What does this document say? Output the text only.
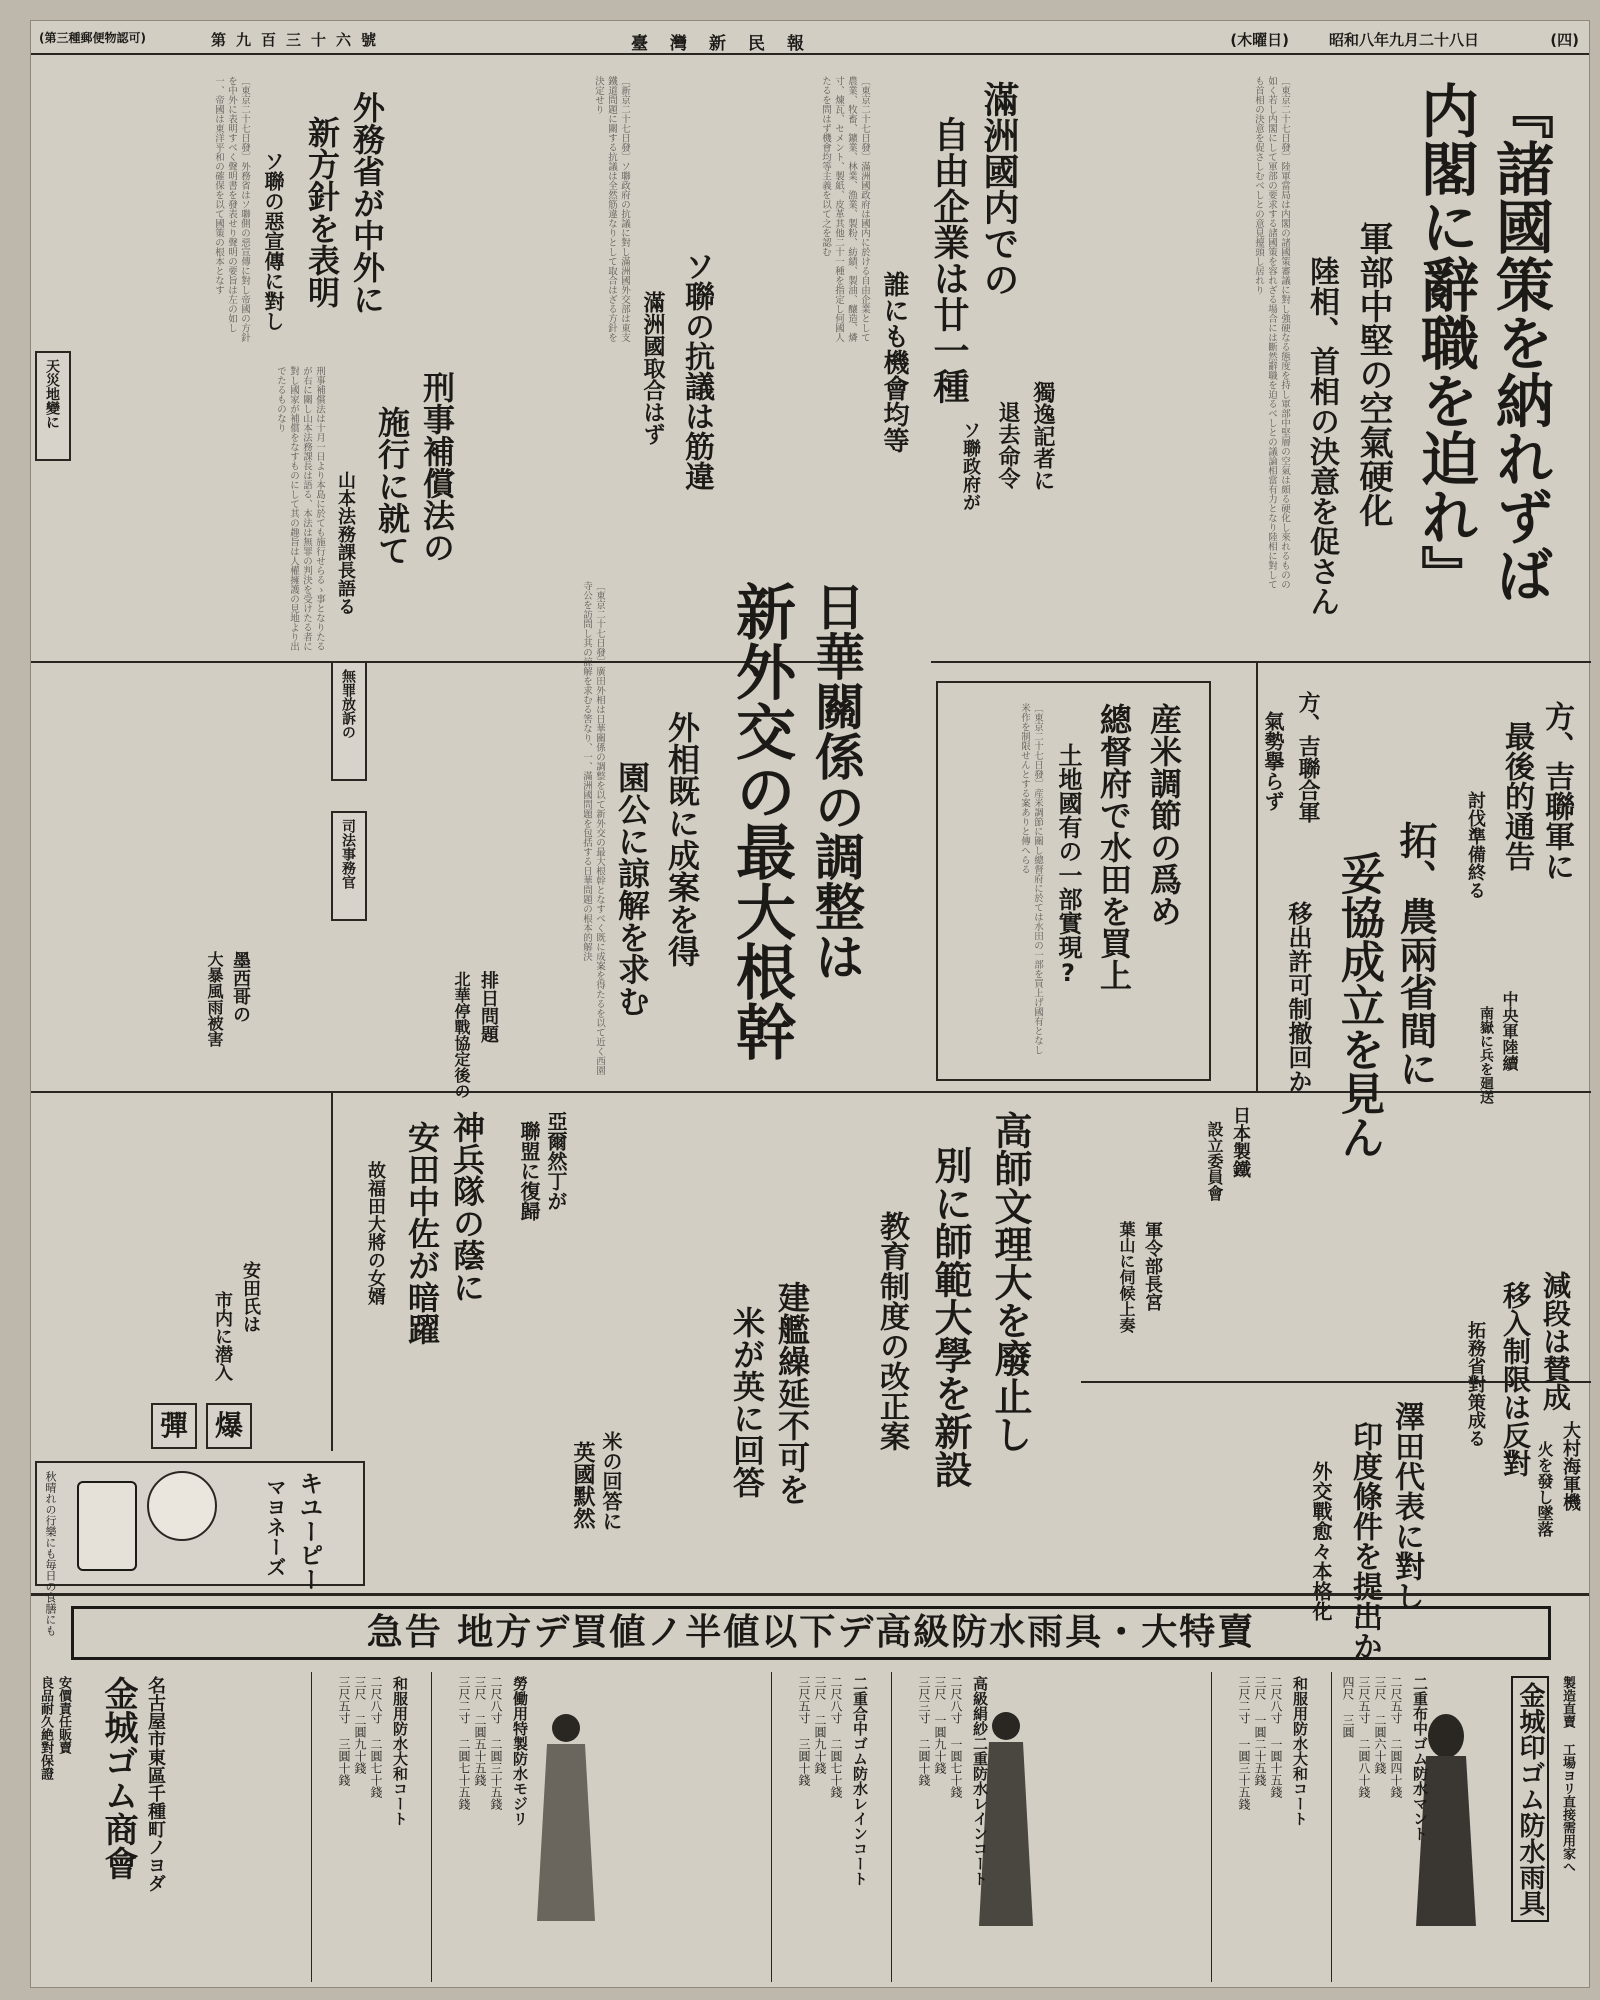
(四)
昭和八年九月二十八日
(木曜日)
臺灣新民報
第九百三十六號
(第三種郵便物認可)
『諸國策を納れずば
内閣に辭職を迫れ』
軍部中堅の空氣硬化
陸相、首相の決意を促さん
〔東京二十七日發〕陸軍當局は内閣の諸國策審議に對し強硬なる態度を持し軍部中堅層の空氣は頗る硬化し來れるものの如く若し内閣にして軍部の要求する諸國策を容れざる場合には斷然辭職を迫るべしとの議論相當有力となり陸相に對しても首相の決意を促さしむべしとの意見擡頭し居れり
滿洲國内での
自由企業は廿一種
誰にも機會均等
〔東京二十七日發〕滿洲國政府は國内に於ける自由企業として農業、牧畜、鑛業、林業、漁業、製粉、紡績、製油、釀造、燐寸、煉瓦、セメント、製紙、皮革其他二十一種を指定し何國人たるを問はず機會均等主義を以て之を認む
ソ聯の抗議は筋違
滿洲國取合はず
〔新京二十七日發〕ソ聯政府の抗議に對し滿洲國外交部は東支鐵道問題に關する抗議は全然筋違なりとして取合はざる方針を決定せり
外務省が中外に
新方針を表明
ソ聯の惡宣傳に對し
〔東京二十七日發〕外務省はソ聯側の惡宣傳に對し帝國の方針を中外に表明すべく聲明書を發表せり聲明の要旨は左の如し一、帝國は東洋平和の確保を以て國策の根本となす
天災地變に	刑事補償法の
施行に就て
山本法務課長語る
刑事補償法は十月一日より本島に於ても施行せらるゝ事となりたるが右に關し山本法務課長は語る、本法は無罪の判決を受けたる者に對し國家が補償をなすものにして其の趣旨は人權擁護の見地より出でたるものなり
無罪放訴の
司法事務官
獨逸記者に
退去命令
ソ聯政府が
日華關係の調整は
新外交の最大根幹
外相既に成案を得
園公に諒解を求む
〔東京二十七日發〕廣田外相は日華關係の調整を以て新外交の最大根幹となすべく既に成案を得たるを以て近く西園寺公を訪問し其の諒解を求むる筈なり、一、滿洲國問題を包括する日華問題の根本的解決
排日問題
北華停戰協定後の
墨西哥の
大暴風雨被害
産米調節の爲め
總督府で水田を買上
土地國有の一部實現?
〔東京二十七日發〕産米調節に關し總督府に於ては水田の一部を買上げ國有となし米作を制限せんとする案ありと傳へらる	方、吉聯軍に
最後的通告
討伐準備終る
方、吉聯合軍
氣勢擧らず
拓、農兩省間に
妥協成立を見ん
移出許可制撤回か	中央軍陸續
南嶽に兵を廻送
日本製鐵
設立委員會
高師文理大を廢止し
別に師範大學を新設
教育制度の改正案	軍令部長宮
葉山に伺候上奏	減段は賛成
移入制限は反對
拓務省對策成る
澤田代表に對し
印度條件を提出か
外交戰愈々本格化	大村海軍機
火を發し墜落
建艦繰延不可を
米が英に回答
米の回答に
英國默然
神兵隊の蔭に
安田中佐が暗躍
故福田大將の女婿	亞爾然丁が
聯盟に復歸
安田氏は
市内に潜入
彈 爆
キユーピー
マヨネーズ
秋晴れの行樂にも毎日の食膳にも	急告 地方デ買値ノ半値以下デ高級防水雨具・大特賣
良品耐久絶對保證 安價責任販賣	製造直賣 工場ヨリ直接需用家へ
金城ゴム商會 名古屋市東區千種町ノヨダ	金城印ゴム防水雨具
二重布中ゴム防水マント
二尺五寸 二圓四十錢
三尺 二圓六十錢
三尺五寸 二圓八十錢
四尺 三圓
和服用防水大和コート
二尺八寸 一圓十五錢
三尺 一圓二十五錢
三尺二寸 一圓三十五錢
高級絹紗二重防水レインコート
二尺八寸 一圓七十錢
三尺 一圓九十錢
三尺三寸 二圓十錢
二重合中ゴム防水レインコート
二尺八寸 二圓七十錢
三尺 二圓九十錢
三尺五寸 三圓十錢
勞働用特製防水モジリ
二尺八寸 二圓三十五錢
三尺 二圓五十五錢
三尺二寸 二圓七十五錢
和服用防水大和コート
二尺八寸 二圓七十錢
三尺 二圓九十錢
三尺五寸 三圓十錢
